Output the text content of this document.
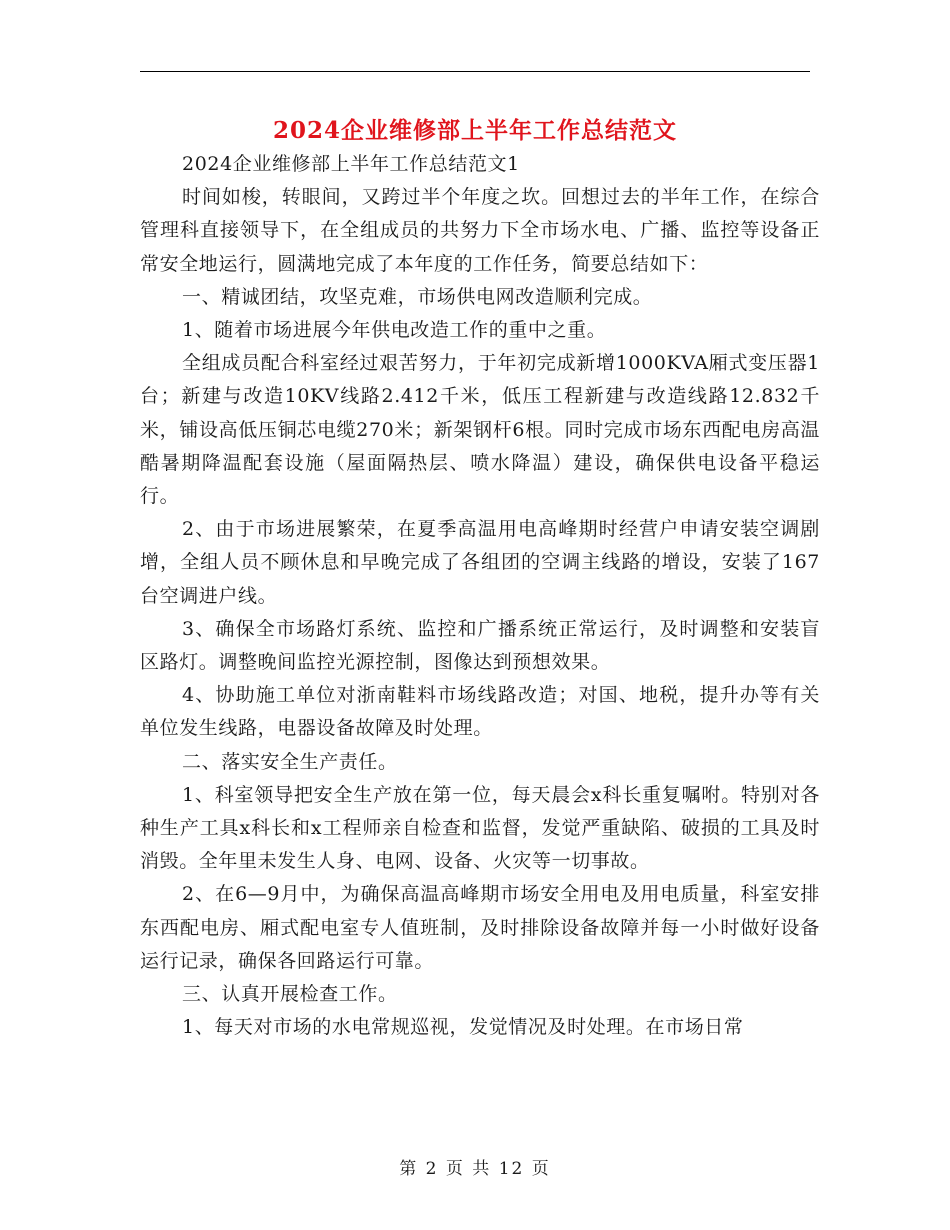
2024企业维修部上半年工作总结范文

2024企业维修部上半年工作总结范文1

时间如梭，转眼间，又跨过半个年度之坎。回想过去的半年工作，在综合管理科直接领导下，在全组成员的共努力下全市场水电、广播、监控等设备正常安全地运行，圆满地完成了本年度的工作任务，简要总结如下：

一、精诚团结，攻坚克难，市场供电网改造顺利完成。

1、随着市场进展今年供电改造工作的重中之重。

全组成员配合科室经过艰苦努力，于年初完成新增1000KVA厢式变压器1台；新建与改造10KV线路2.412千米，低压工程新建与改造线路12.832千米，铺设高低压铜芯电缆270米；新架钢杆6根。同时完成市场东西配电房高温酷暑期降温配套设施（屋面隔热层、喷水降温）建设，确保供电设备平稳运行。

2、由于市场进展繁荣，在夏季高温用电高峰期时经营户申请安装空调剧增，全组人员不顾休息和早晚完成了各组团的空调主线路的增设，安装了167台空调进户线。

3、确保全市场路灯系统、监控和广播系统正常运行，及时调整和安装盲区路灯。调整晚间监控光源控制，图像达到预想效果。

4、协助施工单位对浙南鞋料市场线路改造；对国、地税，提升办等有关单位发生线路，电器设备故障及时处理。

二、落实安全生产责任。

1、科室领导把安全生产放在第一位，每天晨会x科长重复嘱咐。特别对各种生产工具x科长和x工程师亲自检查和监督，发觉严重缺陷、破损的工具及时消毁。全年里未发生人身、电网、设备、火灾等一切事故。

2、在6—9月中，为确保高温高峰期市场安全用电及用电质量，科室安排东西配电房、厢式配电室专人值班制，及时排除设备故障并每一小时做好设备运行记录，确保各回路运行可靠。

三、认真开展检查工作。

1、每天对市场的水电常规巡视，发觉情况及时处理。在市场日常

第 2 页 共 12 页
